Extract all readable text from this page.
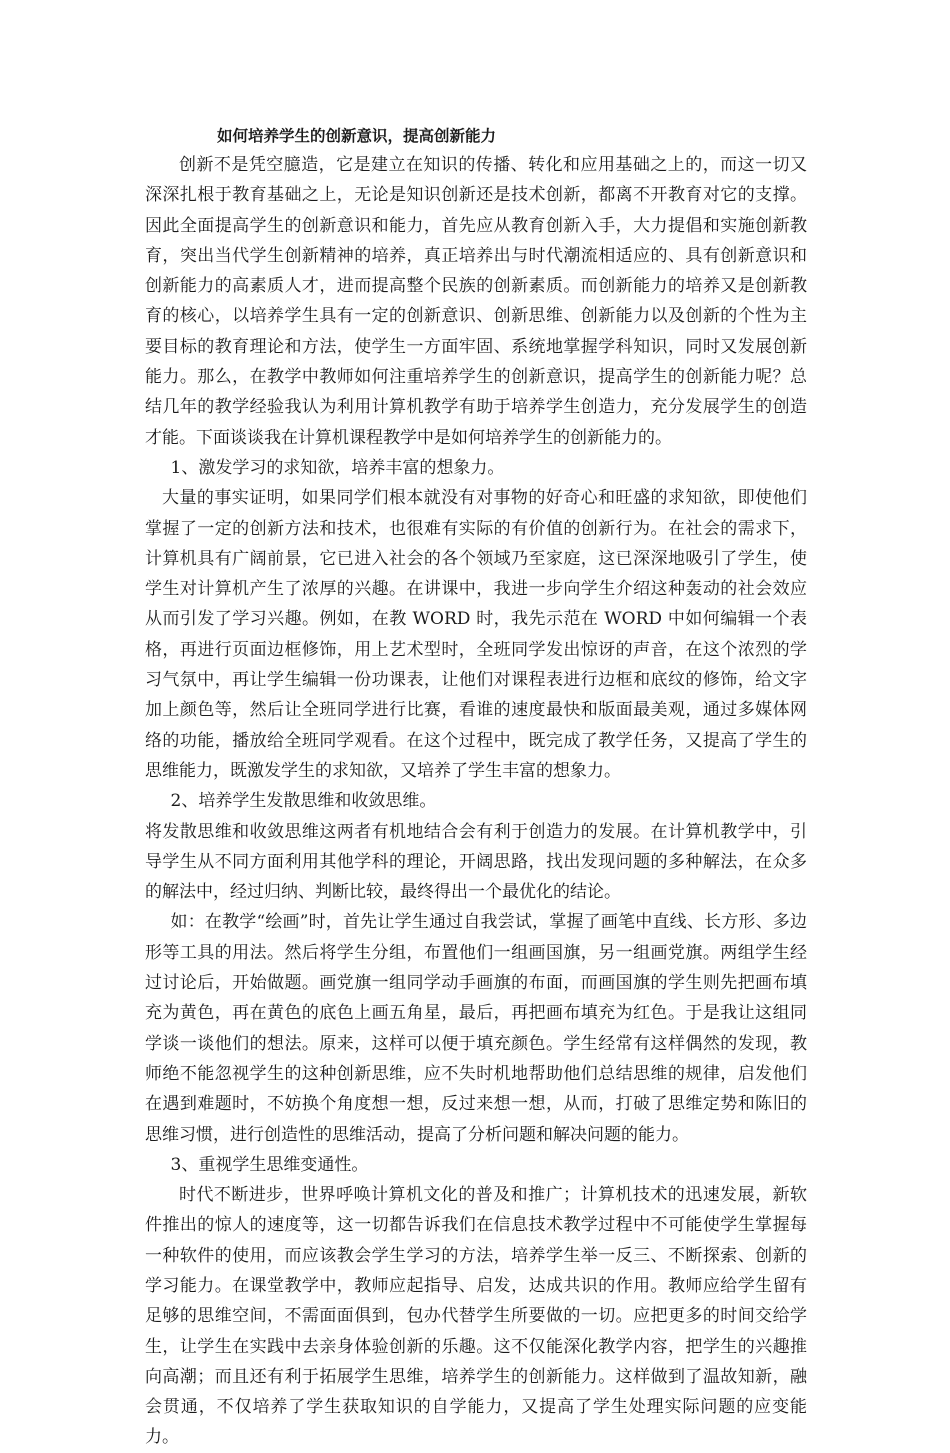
如何培养学生的创新意识，提高创新能力

创新不是凭空臆造，它是建立在知识的传播、转化和应用基础之上的，而这一切又深深扎根于教育基础之上，无论是知识创新还是技术创新，都离不开教育对它的支撑。因此全面提高学生的创新意识和能力，首先应从教育创新入手，大力提倡和实施创新教育，突出当代学生创新精神的培养，真正培养出与时代潮流相适应的、具有创新意识和创新能力的高素质人才，进而提高整个民族的创新素质。而创新能力的培养又是创新教育的核心，以培养学生具有一定的创新意识、创新思维、创新能力以及创新的个性为主要目标的教育理论和方法，使学生一方面牢固、系统地掌握学科知识，同时又发展创新能力。那么，在教学中教师如何注重培养学生的创新意识，提高学生的创新能力呢？总结几年的教学经验我认为利用计算机教学有助于培养学生创造力，充分发展学生的创造才能。下面谈谈我在计算机课程教学中是如何培养学生的创新能力的。

1、激发学习的求知欲，培养丰富的想象力。

大量的事实证明，如果同学们根本就没有对事物的好奇心和旺盛的求知欲，即使他们掌握了一定的创新方法和技术，也很难有实际的有价值的创新行为。在社会的需求下，计算机具有广阔前景，它已进入社会的各个领域乃至家庭，这已深深地吸引了学生，使学生对计算机产生了浓厚的兴趣。在讲课中，我进一步向学生介绍这种轰动的社会效应从而引发了学习兴趣。例如，在教 WORD 时，我先示范在 WORD 中如何编辑一个表格，再进行页面边框修饰，用上艺术型时，全班同学发出惊讶的声音，在这个浓烈的学习气氛中，再让学生编辑一份功课表，让他们对课程表进行边框和底纹的修饰，给文字加上颜色等，然后让全班同学进行比赛，看谁的速度最快和版面最美观，通过多媒体网络的功能，播放给全班同学观看。在这个过程中，既完成了教学任务，又提高了学生的思维能力，既激发学生的求知欲，又培养了学生丰富的想象力。

2、培养学生发散思维和收敛思维。

将发散思维和收敛思维这两者有机地结合会有利于创造力的发展。在计算机教学中，引导学生从不同方面利用其他学科的理论，开阔思路，找出发现问题的多种解法，在众多的解法中，经过归纳、判断比较，最终得出一个最优化的结论。

如：在教学“绘画”时，首先让学生通过自我尝试，掌握了画笔中直线、长方形、多边形等工具的用法。然后将学生分组，布置他们一组画国旗，另一组画党旗。两组学生经过讨论后，开始做题。画党旗一组同学动手画旗的布面，而画国旗的学生则先把画布填充为黄色，再在黄色的底色上画五角星，最后，再把画布填充为红色。于是我让这组同学谈一谈他们的想法。原来，这样可以便于填充颜色。学生经常有这样偶然的发现，教师绝不能忽视学生的这种创新思维，应不失时机地帮助他们总结思维的规律，启发他们在遇到难题时，不妨换个角度想一想，反过来想一想，从而，打破了思维定势和陈旧的思维习惯，进行创造性的思维活动，提高了分析问题和解决问题的能力。

3、重视学生思维变通性。

时代不断进步，世界呼唤计算机文化的普及和推广；计算机技术的迅速发展，新软件推出的惊人的速度等，这一切都告诉我们在信息技术教学过程中不可能使学生掌握每一种软件的使用，而应该教会学生学习的方法，培养学生举一反三、不断探索、创新的学习能力。在课堂教学中，教师应起指导、启发，达成共识的作用。教师应给学生留有足够的思维空间，不需面面俱到，包办代替学生所要做的一切。应把更多的时间交给学生，让学生在实践中去亲身体验创新的乐趣。这不仅能深化教学内容，把学生的兴趣推向高潮；而且还有利于拓展学生思维，培养学生的创新能力。这样做到了温故知新，融会贯通，不仅培养了学生获取知识的自学能力，又提高了学生处理实际问题的应变能力。
